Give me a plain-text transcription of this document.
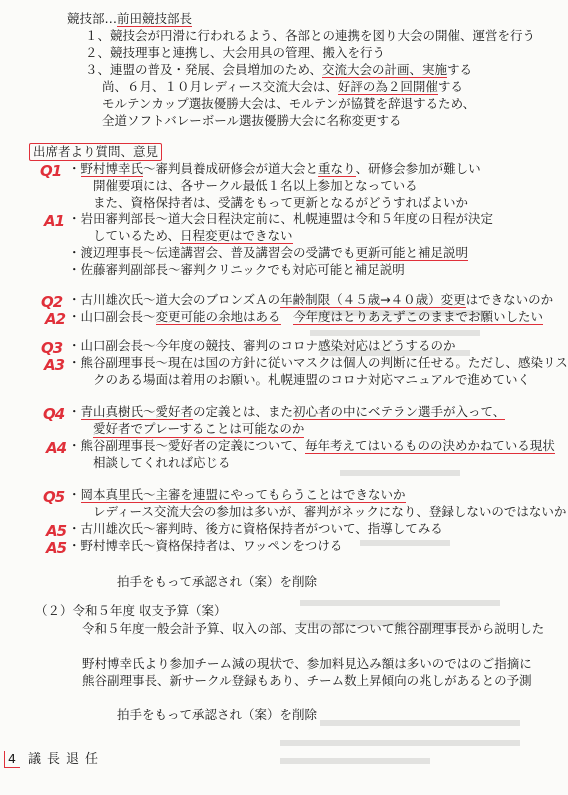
競技部…前田競技部長
１、競技会が円滑に行われるよう、各部との連携を図り大会の開催、運営を行う
２、競技理事と連携し、大会用具の管理、搬入を行う
３、連盟の普及・発展、会員増加のため、交流大会の計画、実施する
尚、６月、１０月レディース交流大会は、好評の為２回開催する
モルテンカップ選抜優勝大会は、モルテンが協賛を辞退するため、
全道ソフトバレーボール選抜優勝大会に名称変更する
出席者より質問、意見
Q1 ・野村博幸氏～審判員養成研修会が道大会と重なり、研修会参加が難しい
開催要項には、各サークル最低１名以上参加となっている
また、資格保持者は、受講をもって更新となるがどうすればよいか
A1 ・岩田審判部長～道大会日程決定前に、札幌連盟は令和５年度の日程が決定
しているため、日程変更はできない
・渡辺理事長～伝達講習会、普及講習会の受講でも更新可能と補足説明
・佐藤審判副部長～審判クリニックでも対応可能と補足説明
Q2 ・古川雄次氏～道大会のブロンズＡの年齢制限（４５歳→４０歳）変更はできないのか
A2 ・山口副会長～変更可能の余地はある　 今年度はとりあえずこのままでお願いしたい
Q3 ・山口副会長～今年度の競技、審判のコロナ感染対応はどうするのか
A3 ・熊谷副理事長～現在は国の方針に従いマスクは個人の判断に任せる。ただし、感染リス
クのある場面は着用のお願い。札幌連盟のコロナ対応マニュアルで進めていく
Q4 ・青山真樹氏～愛好者の定義とは、また初心者の中にベテラン選手が入って、
愛好者でプレーすることは可能なのか
A4 ・熊谷副理事長～愛好者の定義について、毎年考えてはいるものの決めかねている現状
相談してくれれば応じる
Q5 ・岡本真里氏～主審を連盟にやってもらうことはできないか
レディース交流大会の参加は多いが、審判がネックになり、登録しないのではないか
A5 ・古川雄次氏～審判時、後方に資格保持者がついて、指導してみる
A5 ・野村博幸氏～資格保持者は、ワッペンをつける
拍手をもって承認され（案）を削除
（２）令和５年度 収支予算（案）
令和５年度一般会計予算、収入の部、支出の部について熊谷副理事長から説明した
野村博幸氏より参加チーム減の現状で、参加料見込み額は多いのではのご指摘に
熊谷副理事長、新サークル登録もあり、チーム数上昇傾向の兆しがあるとの予測
拍手をもって承認され（案）を削除
4 議長退任
